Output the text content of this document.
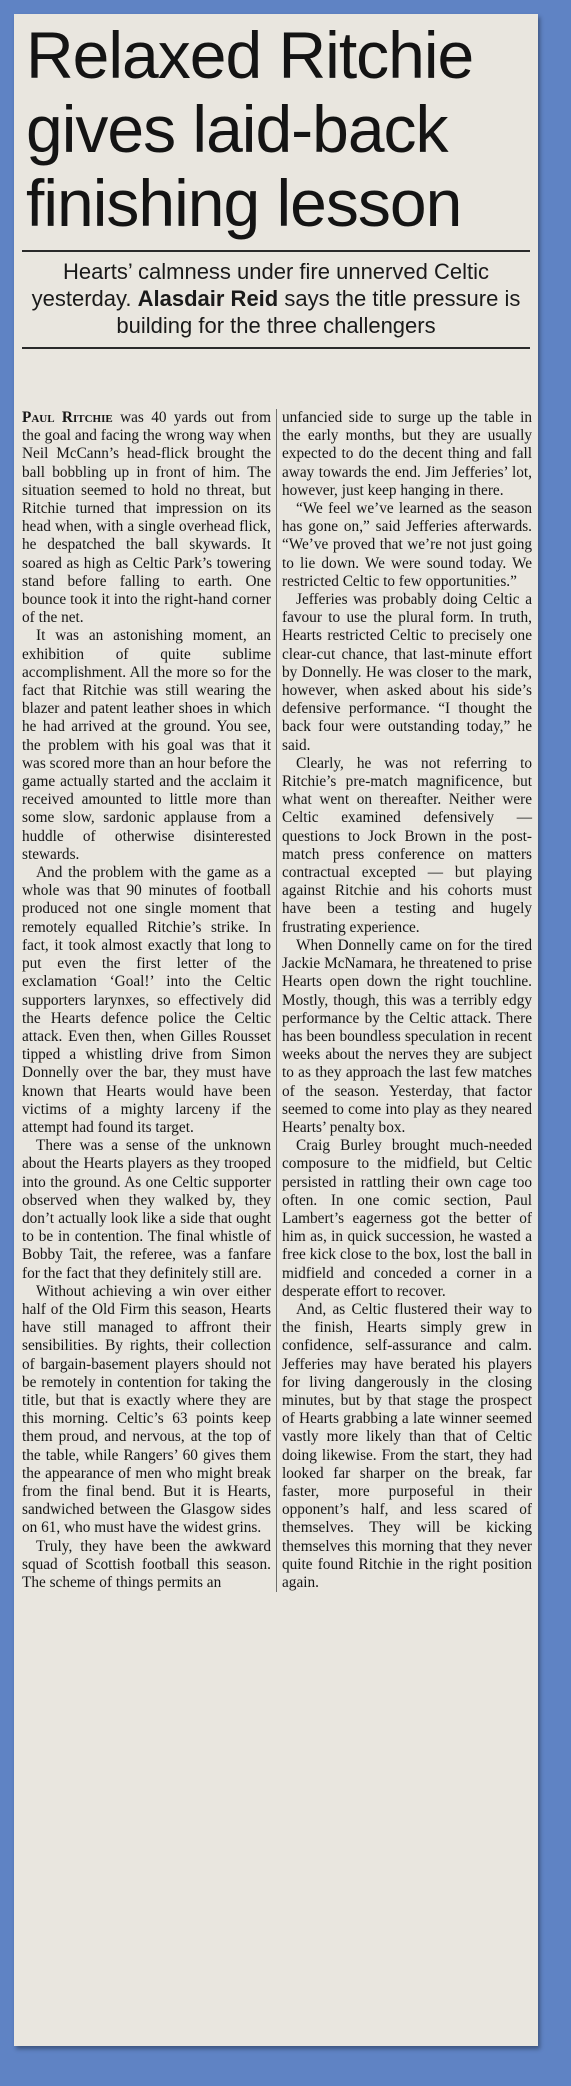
Relaxed Ritchie
gives laid-back
finishing lesson
Hearts’ calmness under fire unnerved Celtic yesterday. Alasdair Reid says the title pressure is building for the three challengers

Paul Ritchie was 40 yards out from the goal and facing the wrong way when Neil McCann’s head-flick brought the ball bobbling up in front of him. The situation seemed to hold no threat, but Ritchie turned that impression on its head when, with a single overhead flick, he despatched the ball skywards. It soared as high as Celtic Park’s towering stand before falling to earth. One bounce took it into the right-hand corner of the net.

It was an astonishing moment, an exhibition of quite sublime accomplishment. All the more so for the fact that Ritchie was still wearing the blazer and patent leather shoes in which he had arrived at the ground. You see, the problem with his goal was that it was scored more than an hour before the game actually started and the acclaim it received amounted to little more than some slow, sardonic applause from a huddle of otherwise disinterested stewards.

And the problem with the game as a whole was that 90 minutes of football produced not one single moment that remotely equalled Ritchie’s strike. In fact, it took almost exactly that long to put even the first letter of the exclamation ‘Goal!’ into the Celtic supporters larynxes, so effectively did the Hearts defence police the Celtic attack. Even then, when Gilles Rousset tipped a whistling drive from Simon Donnelly over the bar, they must have known that Hearts would have been victims of a mighty larceny if the attempt had found its target.

There was a sense of the unknown about the Hearts players as they trooped into the ground. As one Celtic supporter observed when they walked by, they don’t actually look like a side that ought to be in contention. The final whistle of Bobby Tait, the referee, was a fanfare for the fact that they definitely still are.

Without achieving a win over either half of the Old Firm this season, Hearts have still managed to affront their sensibilities. By rights, their collection of bargain-basement players should not be remotely in contention for taking the title, but that is exactly where they are this morning. Celtic’s 63 points keep them proud, and nervous, at the top of the table, while Rangers’ 60 gives them the appearance of men who might break from the final bend. But it is Hearts, sandwiched between the Glasgow sides on 61, who must have the widest grins.

Truly, they have been the awkward squad of Scottish football this season. The scheme of things permits an

unfancied side to surge up the table in the early months, but they are usually expected to do the decent thing and fall away towards the end. Jim Jefferies’ lot, however, just keep hanging in there.

“We feel we’ve learned as the season has gone on,” said Jefferies afterwards. “We’ve proved that we’re not just going to lie down. We were sound today. We restricted Celtic to few opportunities.”

Jefferies was probably doing Celtic a favour to use the plural form. In truth, Hearts restricted Celtic to precisely one clear-cut chance, that last-minute effort by Donnelly. He was closer to the mark, however, when asked about his side’s defensive performance. “I thought the back four were outstanding today,” he said.

Clearly, he was not referring to Ritchie’s pre-match magnificence, but what went on thereafter. Neither were Celtic examined defensively — questions to Jock Brown in the post-match press conference on matters contractual excepted — but playing against Ritchie and his cohorts must have been a testing and hugely frustrating experience.

When Donnelly came on for the tired Jackie McNamara, he threatened to prise Hearts open down the right touchline. Mostly, though, this was a terribly edgy performance by the Celtic attack. There has been boundless speculation in recent weeks about the nerves they are subject to as they approach the last few matches of the season. Yesterday, that factor seemed to come into play as they neared Hearts’ penalty box.

Craig Burley brought much-needed composure to the midfield, but Celtic persisted in rattling their own cage too often. In one comic section, Paul Lambert’s eagerness got the better of him as, in quick succession, he wasted a free kick close to the box, lost the ball in midfield and conceded a corner in a desperate effort to recover.

And, as Celtic flustered their way to the finish, Hearts simply grew in confidence, self-assurance and calm. Jefferies may have berated his players for living dangerously in the closing minutes, but by that stage the prospect of Hearts grabbing a late winner seemed vastly more likely than that of Celtic doing likewise. From the start, they had looked far sharper on the break, far faster, more purposeful in their opponent’s half, and less scared of themselves. They will be kicking themselves this morning that they never quite found Ritchie in the right position again.
